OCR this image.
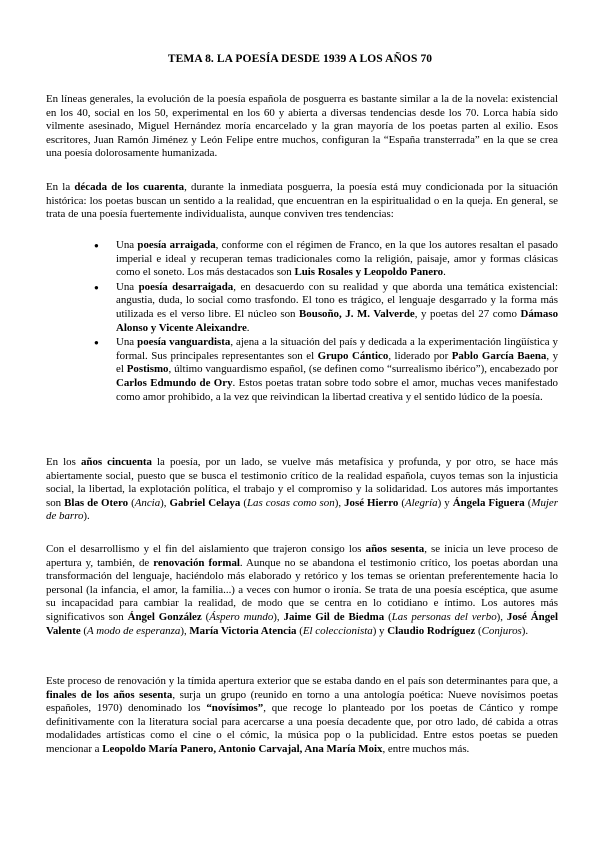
TEMA 8. LA POESÍA DESDE 1939 A LOS AÑOS 70

En líneas generales, la evolución de la poesía española de posguerra es bastante similar a la de la novela: existencial en los 40, social en los 50, experimental en los 60 y abierta a diversas tendencias desde los 70. Lorca había sido vilmente asesinado, Miguel Hernández moría encarcelado y la gran mayoría de los poetas parten al exilio. Esos escritores, Juan Ramón Jiménez y León Felipe entre muchos, configuran la “España transterrada” en la que se crea una poesía dolorosamente humanizada.

En la década de los cuarenta, durante la inmediata posguerra, la poesía está muy condicionada por la situación histórica: los poetas buscan un sentido a la realidad, que encuentran en la espiritualidad o en la queja. En general, se trata de una poesía fuertemente individualista, aunque conviven tres tendencias:

● Una poesía arraigada, conforme con el régimen de Franco, en la que los autores resaltan el pasado imperial e ideal y recuperan temas tradicionales como la religión, paisaje, amor y formas clásicas como el soneto. Los más destacados son Luis Rosales y Leopoldo Panero.
● Una poesía desarraigada, en desacuerdo con su realidad y que aborda una temática existencial: angustia, duda, lo social como trasfondo. El tono es trágico, el lenguaje desgarrado y la forma más utilizada es el verso libre. El núcleo son Bousoño, J. M. Valverde, y poetas del 27 como Dámaso Alonso y Vicente Aleixandre.
● Una poesía vanguardista, ajena a la situación del país y dedicada a la experimentación lingüística y formal. Sus principales representantes son el Grupo Cántico, liderado por Pablo García Baena, y el Postismo, último vanguardismo español, (se definen como “surrealismo ibérico”), encabezado por Carlos Edmundo de Ory. Estos poetas tratan sobre todo sobre el amor, muchas veces manifestado como amor prohibido, a la vez que reivindican la libertad creativa y el sentido lúdico de la poesía.

En los años cincuenta la poesía, por un lado, se vuelve más metafísica y profunda, y por otro, se hace más abiertamente social, puesto que se busca el testimonio crítico de la realidad española, cuyos temas son la injusticia social, la libertad, la explotación política, el trabajo y el compromiso y la solidaridad. Los autores más importantes son Blas de Otero (Ancia), Gabriel Celaya (Las cosas como son), José Hierro (Alegría) y Ángela Figuera (Mujer de barro).

Con el desarrollismo y el fin del aislamiento que trajeron consigo los años sesenta, se inicia un leve proceso de apertura y, también, de renovación formal. Aunque no se abandona el testimonio crítico, los poetas abordan una transformación del lenguaje, haciéndolo más elaborado y retórico y los temas se orientan preferentemente hacia lo personal (la infancia, el amor, la familia...) a veces con humor o ironía. Se trata de una poesía escéptica, que asume su incapacidad para cambiar la realidad, de modo que se centra en lo cotidiano e íntimo. Los autores más significativos son Ángel González (Áspero mundo), Jaime Gil de Biedma (Las personas del verbo), José Ángel Valente (A modo de esperanza), María Victoria Atencia (El coleccionista) y Claudio Rodríguez (Conjuros).

Este proceso de renovación y la tímida apertura exterior que se estaba dando en el país son determinantes para que, a finales de los años sesenta, surja un grupo (reunido en torno a una antología poética: Nueve novísimos poetas españoles, 1970) denominado los “novísimos”, que recoge lo planteado por los poetas de Cántico y rompe definitivamente con la literatura social para acercarse a una poesía decadente que, por otro lado, dé cabida a otras modalidades artísticas como el cine o el cómic, la música pop o la publicidad. Entre estos poetas se pueden mencionar a Leopoldo María Panero, Antonio Carvajal, Ana María Moix, entre muchos más.
